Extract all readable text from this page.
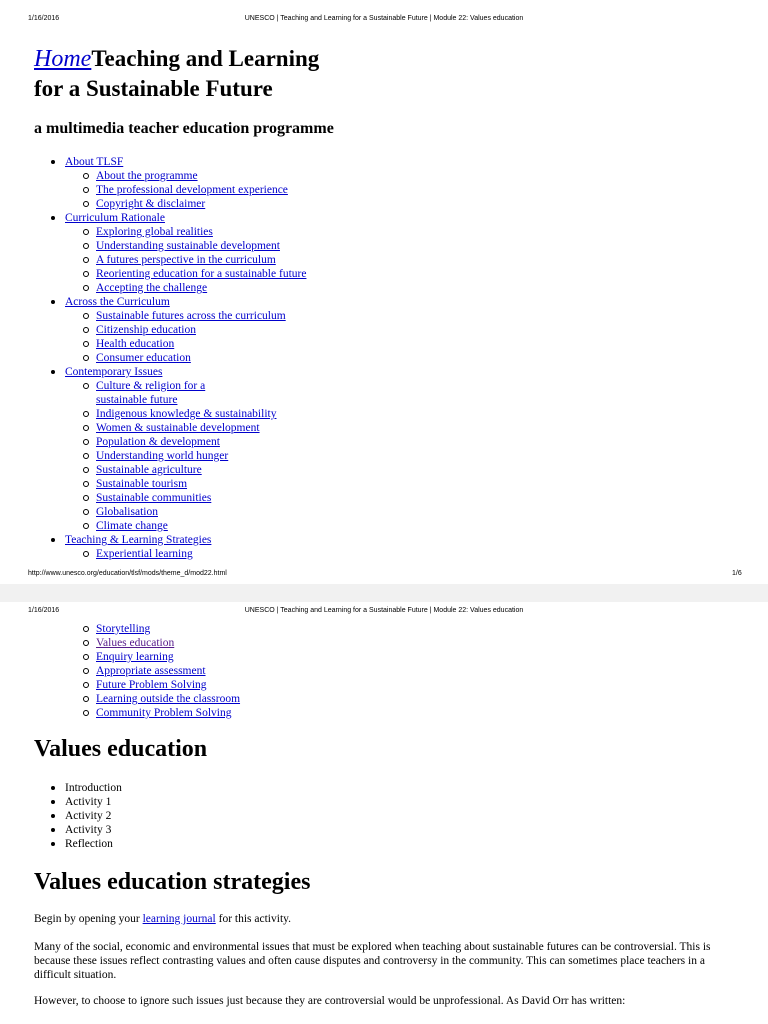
1/16/2016	UNESCO | Teaching and Learning for a Sustainable Future | Module 22: Values education
HomeTeaching and Learning
for a Sustainable Future
a multimedia teacher education programme
About TLSF
About the programme
The professional development experience
Copyright & disclaimer
Curriculum Rationale
Exploring global realities
Understanding sustainable development
A futures perspective in the curriculum
Reorienting education for a sustainable future
Accepting the challenge
Across the Curriculum
Sustainable futures across the curriculum
Citizenship education
Health education
Consumer education
Contemporary Issues
Culture & religion for a
sustainable future
Indigenous knowledge & sustainability
Women & sustainable development
Population & development
Understanding world hunger
Sustainable agriculture
Sustainable tourism
Sustainable communities
Globalisation
Climate change
Teaching & Learning Strategies
Experiential learning
http://www.unesco.org/education/tlsf/mods/theme_d/mod22.html	1/6
1/16/2016	UNESCO | Teaching and Learning for a Sustainable Future | Module 22: Values education
Storytelling
Values education
Enquiry learning
Appropriate assessment
Future Problem Solving
Learning outside the classroom
Community Problem Solving
Values education
Introduction
Activity 1
Activity 2
Activity 3
Reflection
Values education strategies

Begin by opening your learning journal for this activity.

Many of the social, economic and environmental issues that must be explored when teaching about sustainable futures can be controversial. This is because these issues reflect contrasting values and often cause disputes and controversy in the community. This can sometimes place teachers in a difficult situation.

However, to choose to ignore such issues just because they are controversial would be unprofessional. As David Orr has written:
